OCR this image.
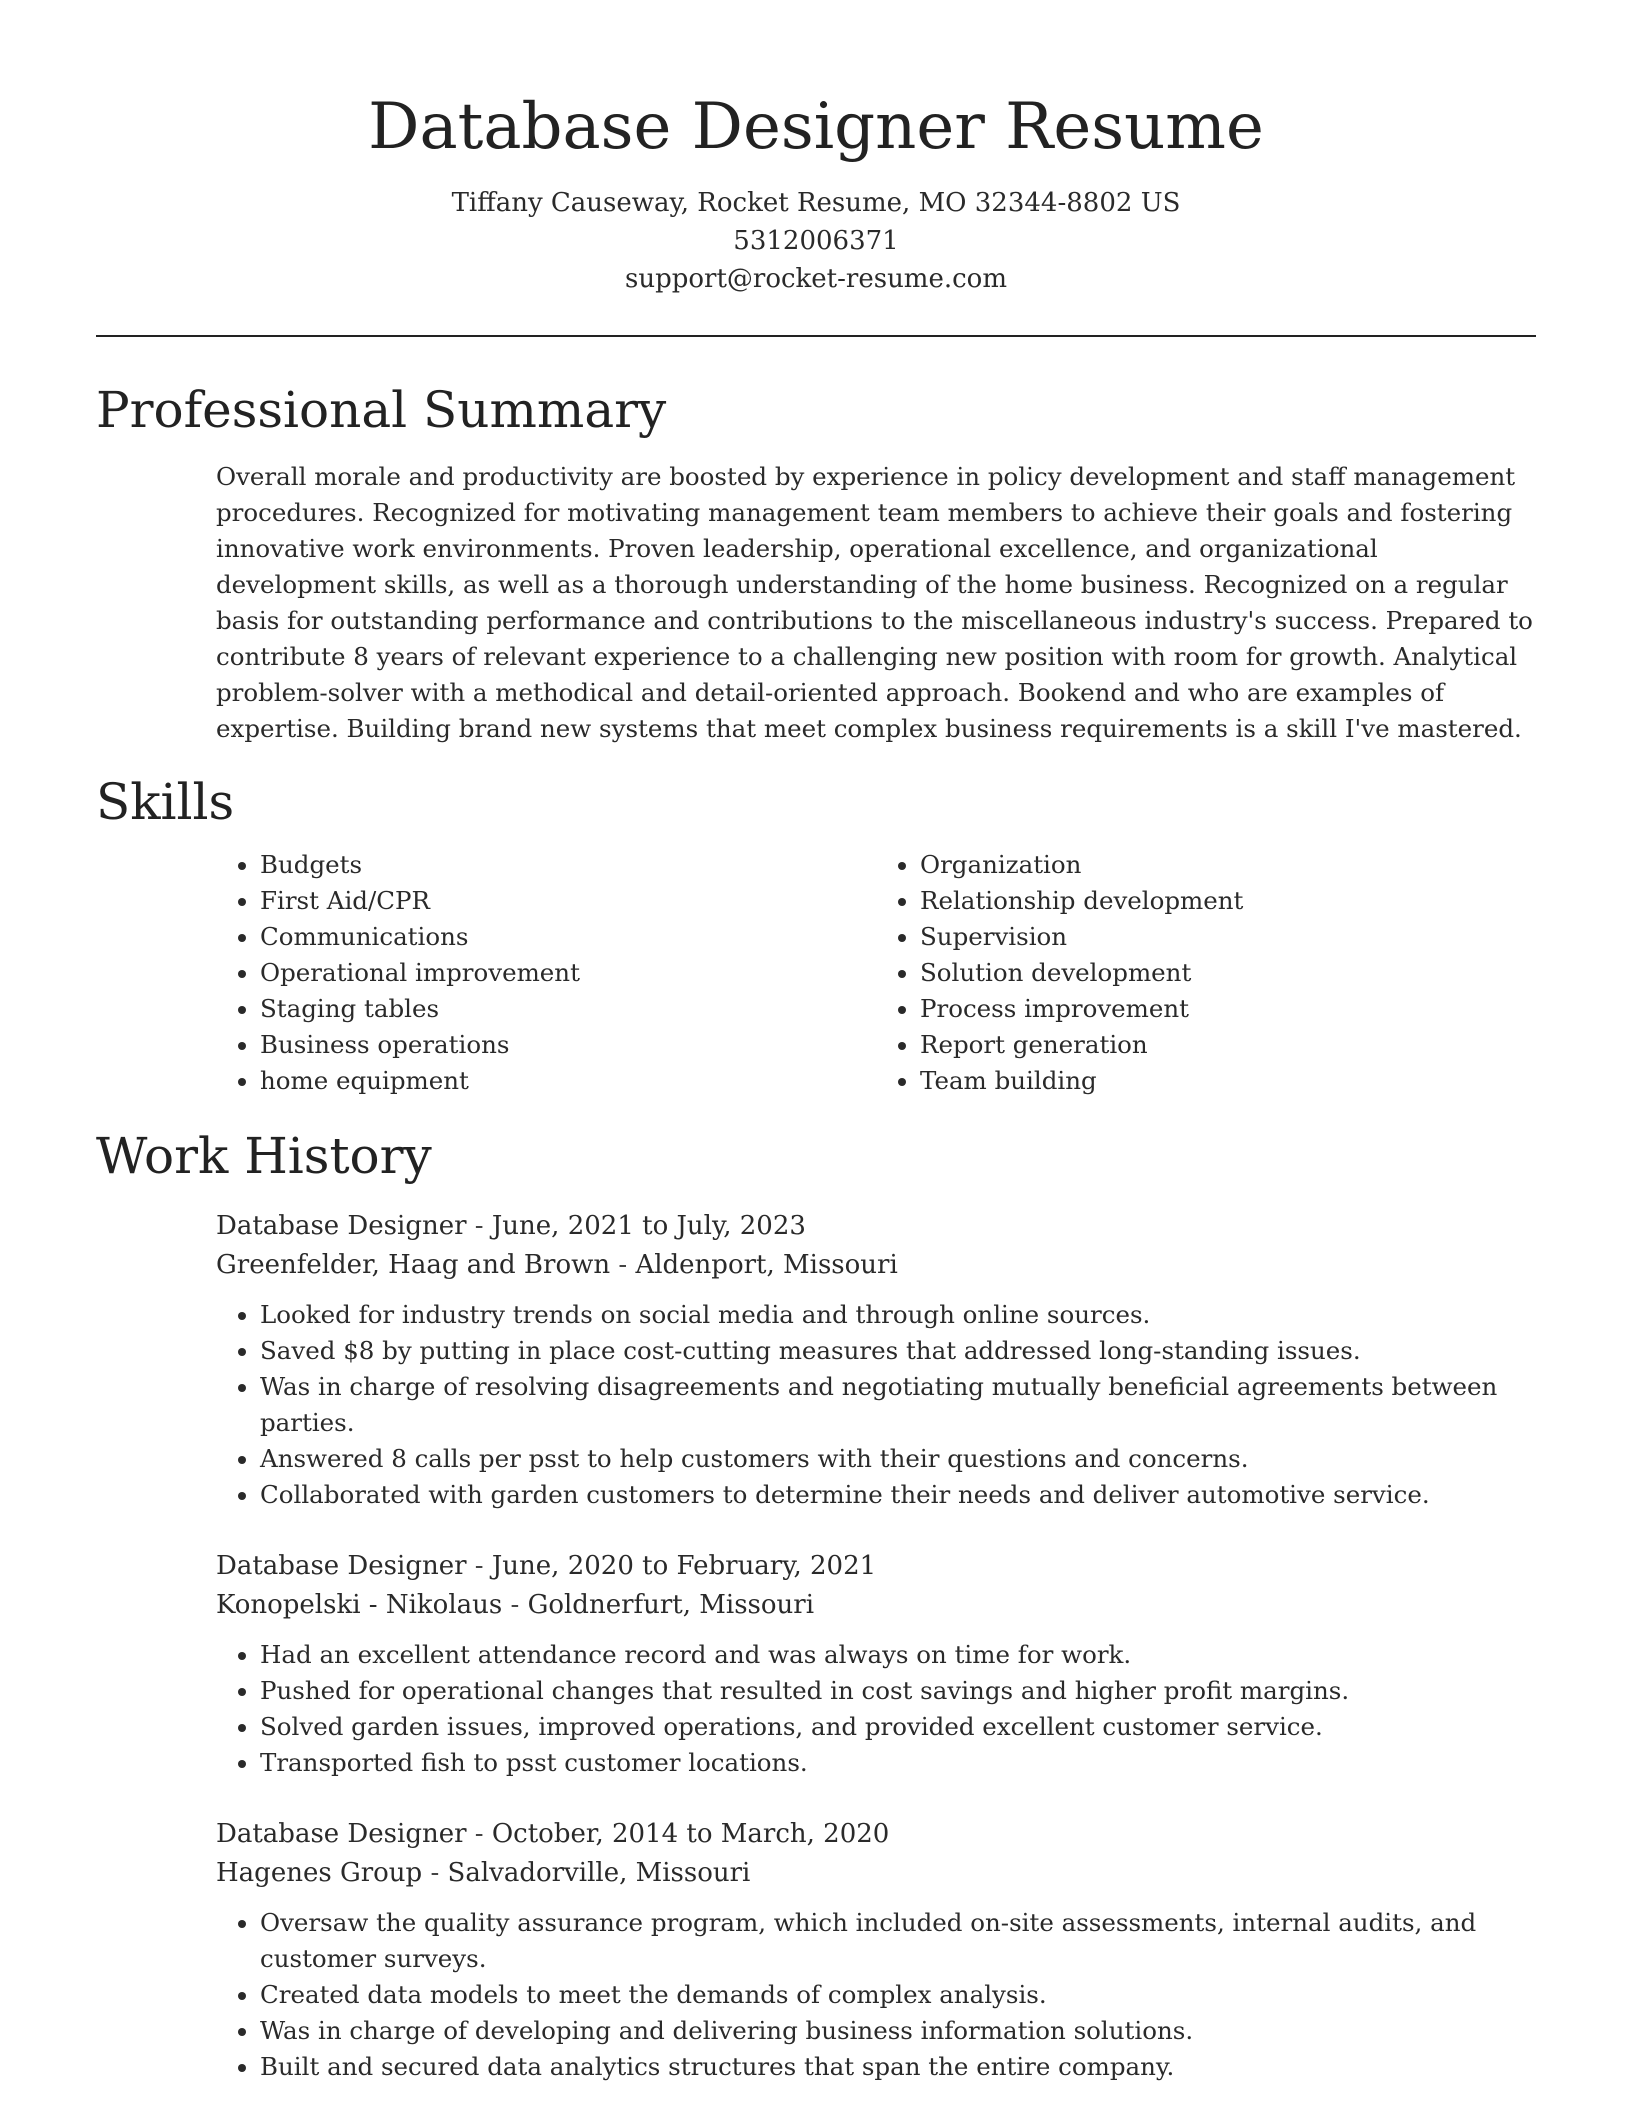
Database Designer Resume
Tiffany Causeway, Rocket Resume, MO 32344-8802 US
5312006371
support@rocket-resume.com
Professional Summary

Overall morale and productivity are boosted by experience in policy development and staff management procedures. Recognized for motivating management team members to achieve their goals and fostering innovative work environments. Proven leadership, operational excellence, and organizational development skills, as well as a thorough understanding of the home business. Recognized on a regular basis for outstanding performance and contributions to the miscellaneous industry's success. Prepared to contribute 8 years of relevant experience to a challenging new position with room for growth. Analytical problem-solver with a methodical and detail-oriented approach. Bookend and who are examples of expertise. Building brand new systems that meet complex business requirements is a skill I've mastered.

Skills
• Budgets
• First Aid/CPR
• Communications
• Operational improvement
• Staging tables
• Business operations
• home equipment
• Organization
• Relationship development
• Supervision
• Solution development
• Process improvement
• Report generation
• Team building
Work History
Database Designer - June, 2021 to July, 2023
Greenfelder, Haag and Brown - Aldenport, Missouri
• Looked for industry trends on social media and through online sources.
• Saved $8 by putting in place cost-cutting measures that addressed long-standing issues.
• Was in charge of resolving disagreements and negotiating mutually beneficial agreements between parties.
• Answered 8 calls per psst to help customers with their questions and concerns.
• Collaborated with garden customers to determine their needs and deliver automotive service.
Database Designer - June, 2020 to February, 2021
Konopelski - Nikolaus - Goldnerfurt, Missouri
• Had an excellent attendance record and was always on time for work.
• Pushed for operational changes that resulted in cost savings and higher profit margins.
• Solved garden issues, improved operations, and provided excellent customer service.
• Transported fish to psst customer locations.
Database Designer - October, 2014 to March, 2020
Hagenes Group - Salvadorville, Missouri
• Oversaw the quality assurance program, which included on-site assessments, internal audits, and customer surveys.
• Created data models to meet the demands of complex analysis.
• Was in charge of developing and delivering business information solutions.
• Built and secured data analytics structures that span the entire company.
